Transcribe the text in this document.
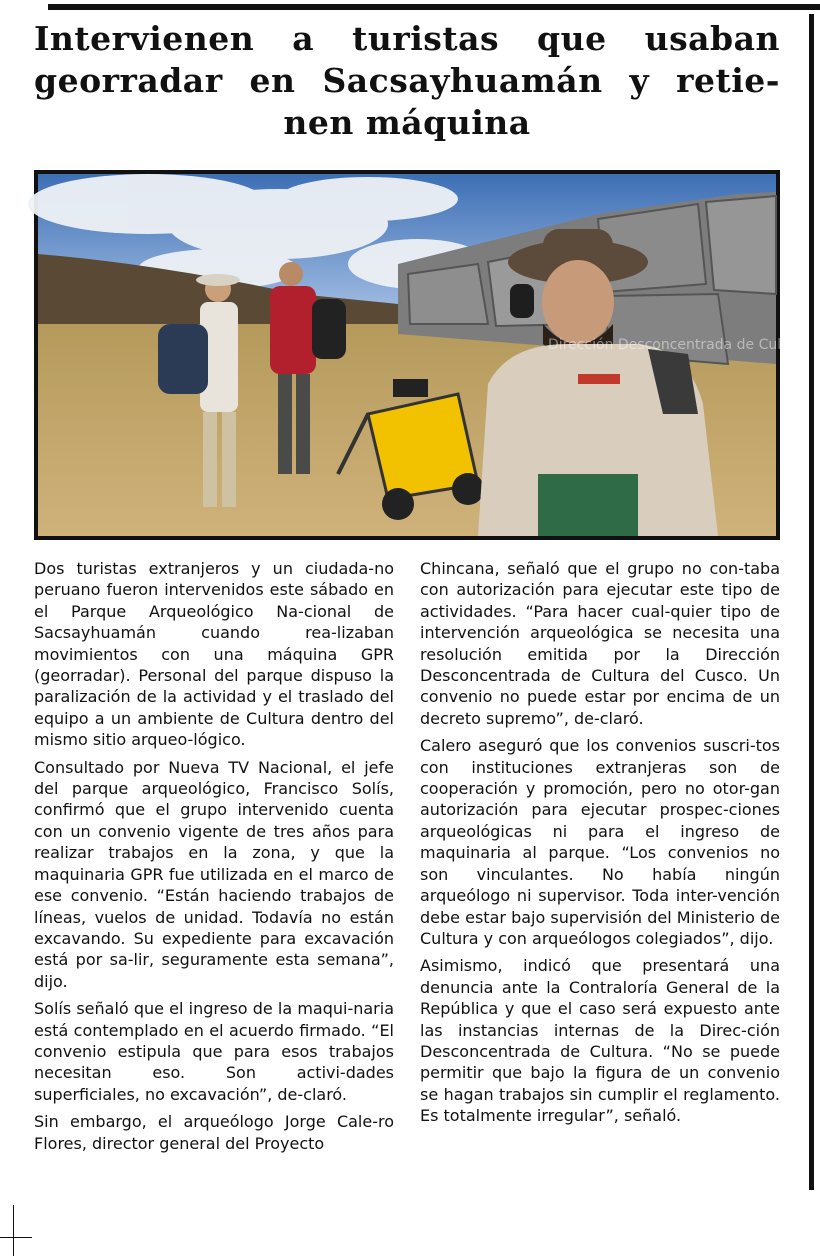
Intervienen a turistas que usaban
georradar en Sacsayhuamán y retie-
nen máquina
Dirección Desconcentrada de Cultura

Dos turistas extranjeros y un ciudada-no peruano fueron intervenidos este sábado en el Parque Arqueológico Na-cional de Sacsayhuamán cuando rea-lizaban movimientos con una máquina GPR (georradar). Personal del parque dispuso la paralización de la actividad y el traslado del equipo a un ambiente de Cultura dentro del mismo sitio arqueo-lógico.

Consultado por Nueva TV Nacional, el jefe del parque arqueológico, Francisco Solís, confirmó que el grupo intervenido cuenta con un convenio vigente de tres años para realizar trabajos en la zona, y que la maquinaria GPR fue utilizada en el marco de ese convenio. “Están haciendo trabajos de líneas, vuelos de unidad. Todavía no están excavando. Su expediente para excavación está por sa-lir, seguramente esta semana”, dijo.

Solís señaló que el ingreso de la maqui-naria está contemplado en el acuerdo firmado. “El convenio estipula que para esos trabajos necesitan eso. Son activi-dades superficiales, no excavación”, de-claró.

Sin embargo, el arqueólogo Jorge Cale-ro Flores, director general del Proyecto

Chincana, señaló que el grupo no con-taba con autorización para ejecutar este tipo de actividades. “Para hacer cual-quier tipo de intervención arqueológica se necesita una resolución emitida por la Dirección Desconcentrada de Cultura del Cusco. Un convenio no puede estar por encima de un decreto supremo”, de-claró.

Calero aseguró que los convenios suscri-tos con instituciones extranjeras son de cooperación y promoción, pero no otor-gan autorización para ejecutar prospec-ciones arqueológicas ni para el ingreso de maquinaria al parque. “Los convenios no son vinculantes. No había ningún arqueólogo ni supervisor. Toda inter-vención debe estar bajo supervisión del Ministerio de Cultura y con arqueólogos colegiados”, dijo.

Asimismo, indicó que presentará una denuncia ante la Contraloría General de la República y que el caso será expuesto ante las instancias internas de la Direc-ción Desconcentrada de Cultura. “No se puede permitir que bajo la figura de un convenio se hagan trabajos sin cumplir el reglamento. Es totalmente irregular”, señaló.
